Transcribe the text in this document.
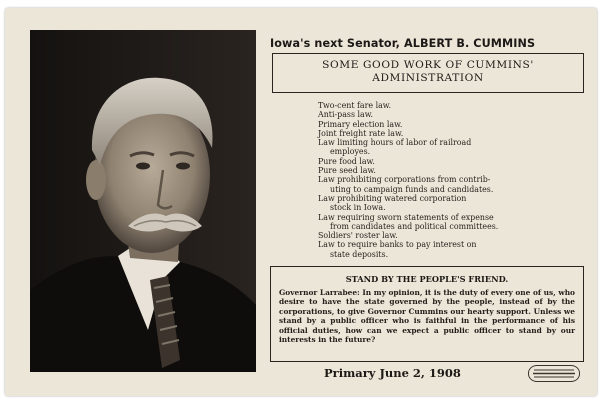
Iowa's next Senator, ALBERT B. CUMMINS
SOME GOOD WORK OF CUMMINS'
ADMINISTRATION
Two-cent fare law.
Anti-pass law.
Primary election law.
Joint freight rate law.
Law limiting hours of labor of railroad
employes.
Pure food law.
Pure seed law.
Law prohibiting corporations from contrib-
uting to campaign funds and candidates.
Law prohibiting watered corporation
stock in Iowa.
Law requiring sworn statements of expense
from candidates and political committees.
Soldiers' roster law.
Law to require banks to pay interest on
state deposits.
STAND BY THE PEOPLE'S FRIEND.
Governor Larrabee: In my opinion, it is the duty of every one of us, who desire to have the state governed by the people, instead of by the corporations, to give Governor Cummins our hearty support. Unless we stand by a public officer who is faithful in the performance of his official duties, how can we expect a public officer to stand by our interests in the future?
Primary June 2, 1908
